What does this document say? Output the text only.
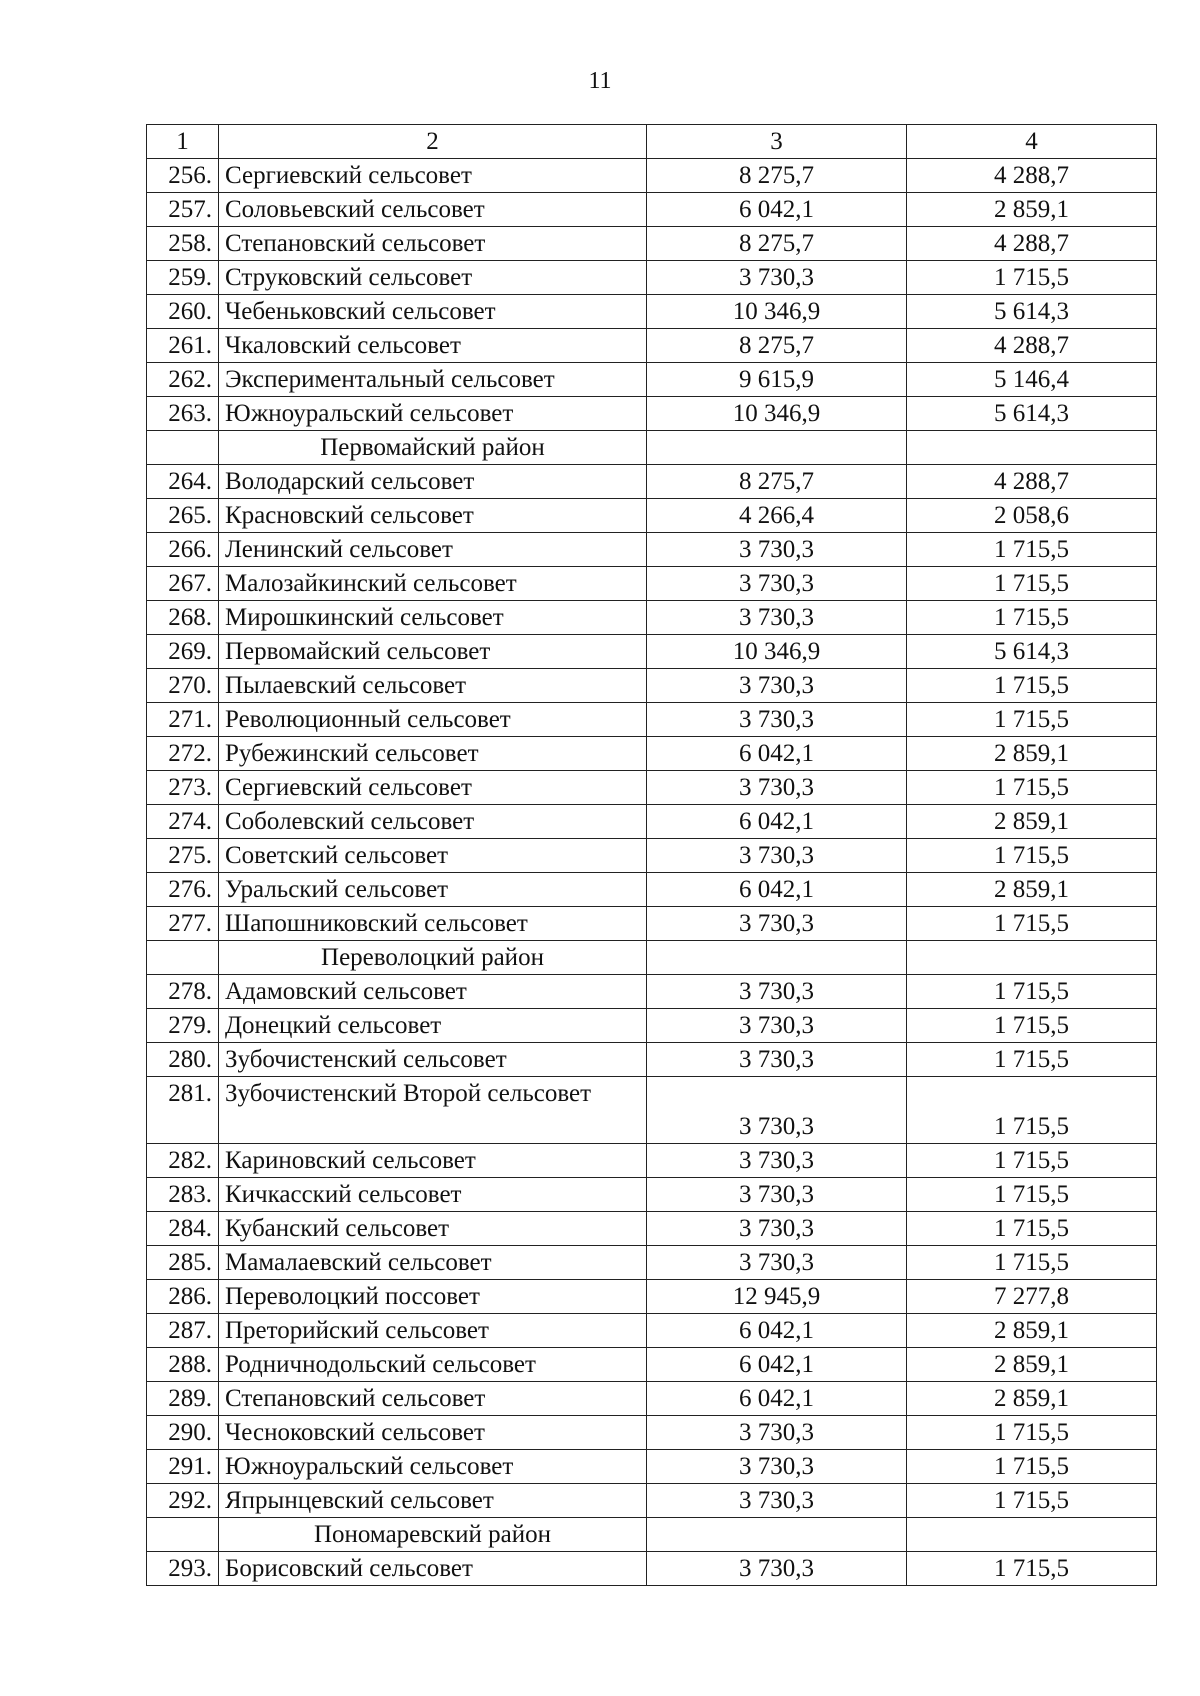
11
1	2	3	4
256.	Сергиевский сельсовет	8 275,7	4 288,7
257.	Соловьевский сельсовет	6 042,1	2 859,1
258.	Степановский сельсовет	8 275,7	4 288,7
259.	Струковский сельсовет	3 730,3	1 715,5
260.	Чебеньковский сельсовет	10 346,9	5 614,3
261.	Чкаловский сельсовет	8 275,7	4 288,7
262.	Экспериментальный сельсовет	9 615,9	5 146,4
263.	Южноуральский сельсовет	10 346,9	5 614,3
	Первомайский район		
264.	Володарский сельсовет	8 275,7	4 288,7
265.	Красновский сельсовет	4 266,4	2 058,6
266.	Ленинский сельсовет	3 730,3	1 715,5
267.	Малозайкинский сельсовет	3 730,3	1 715,5
268.	Мирошкинский сельсовет	3 730,3	1 715,5
269.	Первомайский сельсовет	10 346,9	5 614,3
270.	Пылаевский сельсовет	3 730,3	1 715,5
271.	Революционный сельсовет	3 730,3	1 715,5
272.	Рубежинский сельсовет	6 042,1	2 859,1
273.	Сергиевский сельсовет	3 730,3	1 715,5
274.	Соболевский сельсовет	6 042,1	2 859,1
275.	Советский сельсовет	3 730,3	1 715,5
276.	Уральский сельсовет	6 042,1	2 859,1
277.	Шапошниковский сельсовет	3 730,3	1 715,5
	Переволоцкий район		
278.	Адамовский сельсовет	3 730,3	1 715,5
279.	Донецкий сельсовет	3 730,3	1 715,5
280.	Зубочистенский сельсовет	3 730,3	1 715,5
281.	Зубочистенский Второй сельсовет	3 730,3	1 715,5
282.	Кариновский сельсовет	3 730,3	1 715,5
283.	Кичкасский сельсовет	3 730,3	1 715,5
284.	Кубанский сельсовет	3 730,3	1 715,5
285.	Мамалаевский сельсовет	3 730,3	1 715,5
286.	Переволоцкий поссовет	12 945,9	7 277,8
287.	Преторийский сельсовет	6 042,1	2 859,1
288.	Родничнодольский сельсовет	6 042,1	2 859,1
289.	Степановский сельсовет	6 042,1	2 859,1
290.	Чесноковский сельсовет	3 730,3	1 715,5
291.	Южноуральский сельсовет	3 730,3	1 715,5
292.	Япрынцевский сельсовет	3 730,3	1 715,5
	Пономаревский район		
293.	Борисовский сельсовет	3 730,3	1 715,5
